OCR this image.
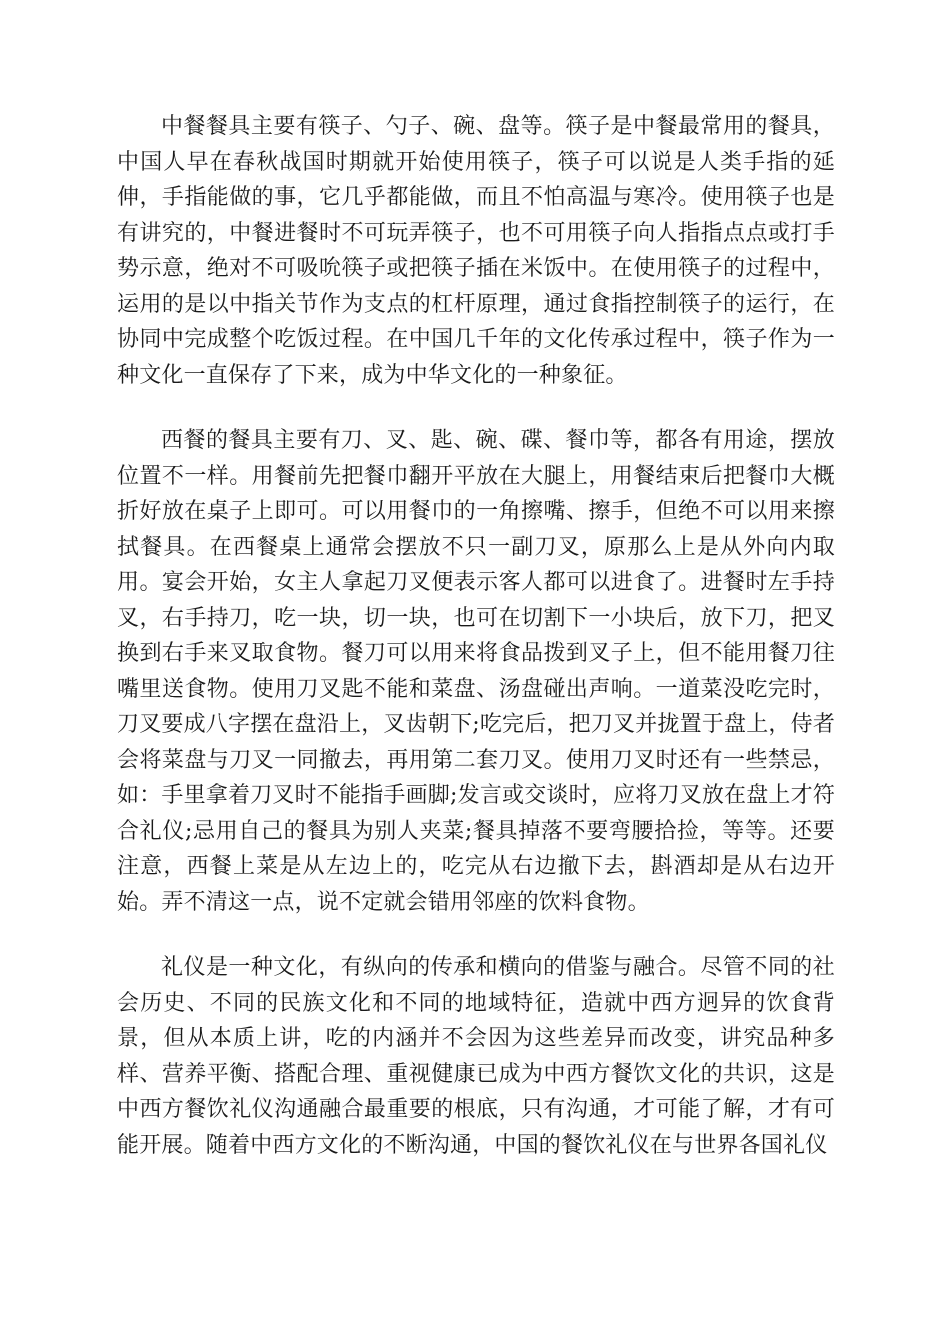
中餐餐具主要有筷子、勺子、碗、盘等。筷子是中餐最常用的餐具，中国人早在春秋战国时期就开始使用筷子，筷子可以说是人类手指的延伸，手指能做的事，它几乎都能做，而且不怕高温与寒冷。使用筷子也是有讲究的，中餐进餐时不可玩弄筷子，也不可用筷子向人指指点点或打手势示意，绝对不可吸吮筷子或把筷子插在米饭中。在使用筷子的过程中，运用的是以中指关节作为支点的杠杆原理，通过食指控制筷子的运行，在协同中完成整个吃饭过程。在中国几千年的文化传承过程中，筷子作为一种文化一直保存了下来，成为中华文化的一种象征。

西餐的餐具主要有刀、叉、匙、碗、碟、餐巾等，都各有用途，摆放位置不一样。用餐前先把餐巾翻开平放在大腿上，用餐结束后把餐巾大概折好放在桌子上即可。可以用餐巾的一角擦嘴、擦手，但绝不可以用来擦拭餐具。在西餐桌上通常会摆放不只一副刀叉，原那么上是从外向内取用。宴会开始，女主人拿起刀叉便表示客人都可以进食了。进餐时左手持叉，右手持刀，吃一块，切一块，也可在切割下一小块后，放下刀，把叉换到右手来叉取食物。餐刀可以用来将食品拨到叉子上，但不能用餐刀往嘴里送食物。使用刀叉匙不能和菜盘、汤盘碰出声响。一道菜没吃完时，刀叉要成八字摆在盘沿上，叉齿朝下;吃完后，把刀叉并拢置于盘上，侍者会将菜盘与刀叉一同撤去，再用第二套刀叉。使用刀叉时还有一些禁忌，如：手里拿着刀叉时不能指手画脚;发言或交谈时，应将刀叉放在盘上才符合礼仪;忌用自己的餐具为别人夹菜;餐具掉落不要弯腰拾捡，等等。还要注意，西餐上菜是从左边上的，吃完从右边撤下去，斟酒却是从右边开始。弄不清这一点，说不定就会错用邻座的饮料食物。

礼仪是一种文化，有纵向的传承和横向的借鉴与融合。尽管不同的社会历史、不同的民族文化和不同的地域特征，造就中西方迥异的饮食背景，但从本质上讲，吃的内涵并不会因为这些差异而改变，讲究品种多样、营养平衡、搭配合理、重视健康已成为中西方餐饮文化的共识，这是中西方餐饮礼仪沟通融合最重要的根底，只有沟通，才可能了解，才有可能开展。随着中西方文化的不断沟通，中国的餐饮礼仪在与世界各国礼仪
